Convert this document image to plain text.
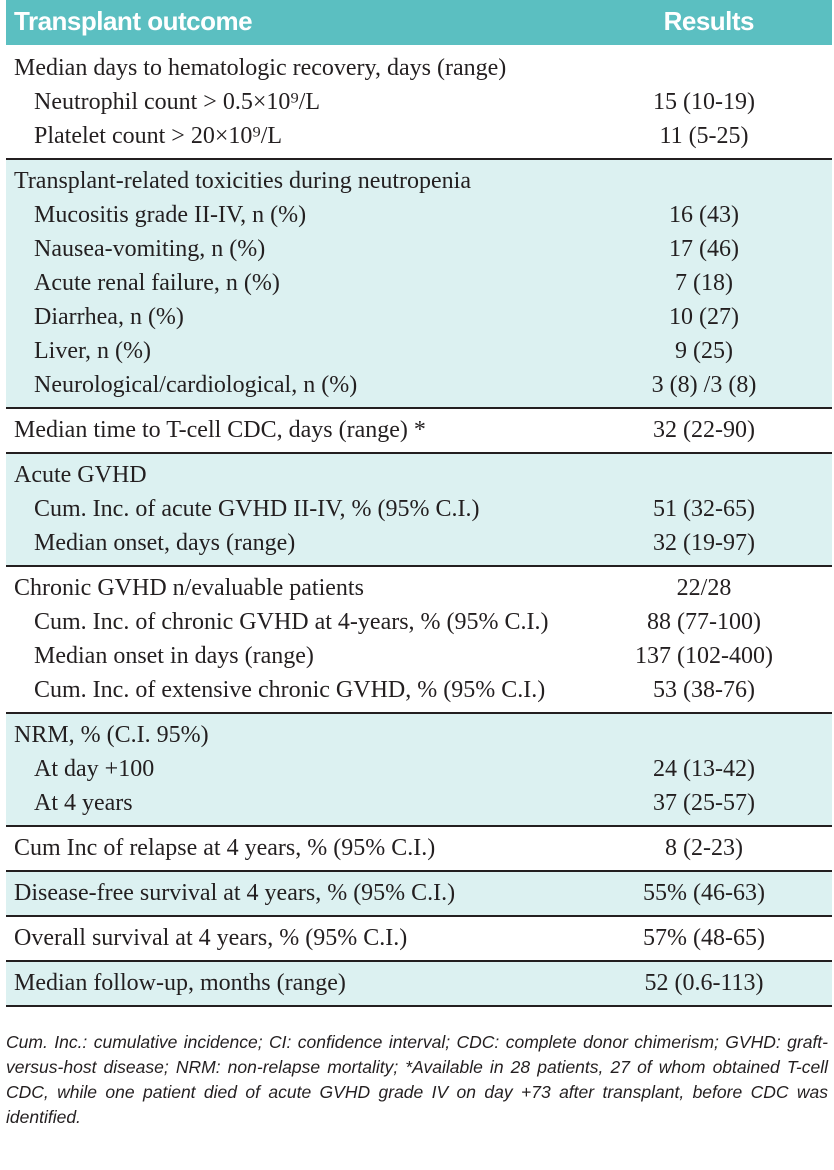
Transplant outcome	Results
Median days to hematologic recovery, days (range)
Neutrophil count > 0.5×10⁹/L	15 (10-19)
Platelet count > 20×10⁹/L	11 (5-25)
Transplant-related toxicities during neutropenia
Mucositis grade II-IV, n (%)	16 (43)
Nausea-vomiting, n (%)	17 (46)
Acute renal failure, n (%)	7 (18)
Diarrhea, n (%)	10 (27)
Liver, n (%)	9 (25)
Neurological/cardiological, n (%)	3 (8) /3 (8)
Median time to T-cell CDC, days (range) *	32 (22-90)
Acute GVHD
Cum. Inc. of acute GVHD II-IV, % (95% C.I.)	51 (32-65)
Median onset, days (range)	32 (19-97)
Chronic GVHD n/evaluable patients	22/28
Cum. Inc. of chronic GVHD at 4-years, % (95% C.I.)	88 (77-100)
Median onset in days (range)	137 (102-400)
Cum. Inc. of extensive chronic GVHD, % (95% C.I.)	53 (38-76)
NRM, % (C.I. 95%)
At day +100	24 (13-42)
At 4 years	37 (25-57)
Cum Inc of relapse at 4 years, % (95% C.I.)	8 (2-23)
Disease-free survival at 4 years, % (95% C.I.)	55% (46-63)
Overall survival at 4 years, % (95% C.I.)	57% (48-65)
Median follow-up, months (range)	52 (0.6-113)
Cum. Inc.: cumulative incidence; CI: confidence interval; CDC: complete donor chimerism; GVHD: graft-versus-host disease; NRM: non-relapse mortality; *Available in 28 patients, 27 of whom obtained T-cell CDC, while one patient died of acute GVHD grade IV on day +73 after transplant, before CDC was identified.
